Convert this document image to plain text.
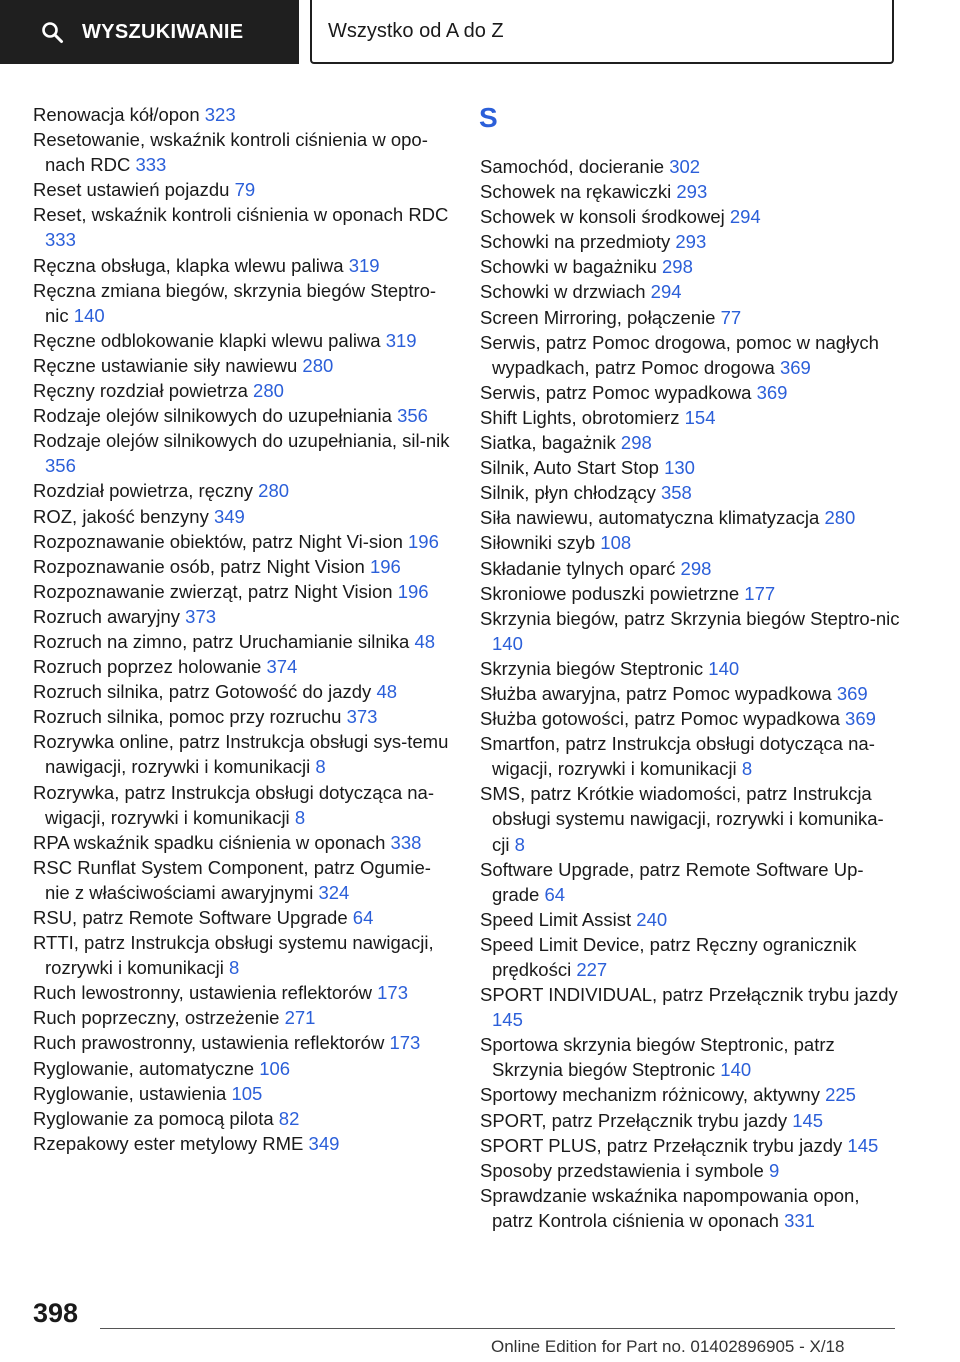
WYSZUKIWANIE	Wszystko od A do Z
Renowacja kół/opon 323
Resetowanie, wskaźnik kontroli ciśnienia w opo-nach RDC 333
Reset ustawień pojazdu 79
Reset, wskaźnik kontroli ciśnienia w oponach RDC 333
Ręczna obsługa, klapka wlewu paliwa 319
Ręczna zmiana biegów, skrzynia biegów Steptro-nic 140
Ręczne odblokowanie klapki wlewu paliwa 319
Ręczne ustawianie siły nawiewu 280
Ręczny rozdział powietrza 280
Rodzaje olejów silnikowych do uzupełniania 356
Rodzaje olejów silnikowych do uzupełniania, sil-nik 356
Rozdział powietrza, ręczny 280
ROZ, jakość benzyny 349
Rozpoznawanie obiektów, patrz Night Vi-sion 196
Rozpoznawanie osób, patrz Night Vision 196
Rozpoznawanie zwierząt, patrz Night Vision 196
Rozruch awaryjny 373
Rozruch na zimno, patrz Uruchamianie silnika 48
Rozruch poprzez holowanie 374
Rozruch silnika, patrz Gotowość do jazdy 48
Rozruch silnika, pomoc przy rozruchu 373
Rozrywka online, patrz Instrukcja obsługi sys-temu nawigacji, rozrywki i komunikacji 8
Rozrywka, patrz Instrukcja obsługi dotycząca na-wigacji, rozrywki i komunikacji 8
RPA wskaźnik spadku ciśnienia w oponach 338
RSC Runflat System Component, patrz Ogumie-nie z właściwościami awaryjnymi 324
RSU, patrz Remote Software Upgrade 64
RTTI, patrz Instrukcja obsługi systemu nawigacji, rozrywki i komunikacji 8
Ruch lewostronny, ustawienia reflektorów 173
Ruch poprzeczny, ostrzeżenie 271
Ruch prawostronny, ustawienia reflektorów 173
Ryglowanie, automatyczne 106
Ryglowanie, ustawienia 105
Ryglowanie za pomocą pilota 82
Rzepakowy ester metylowy RME 349
S
Samochód, docieranie 302
Schowek na rękawiczki 293
Schowek w konsoli środkowej 294
Schowki na przedmioty 293
Schowki w bagażniku 298
Schowki w drzwiach 294
Screen Mirroring, połączenie 77
Serwis, patrz Pomoc drogowa, pomoc w nagłych wypadkach, patrz Pomoc drogowa 369
Serwis, patrz Pomoc wypadkowa 369
Shift Lights, obrotomierz 154
Siatka, bagażnik 298
Silnik, Auto Start Stop 130
Silnik, płyn chłodzący 358
Siła nawiewu, automatyczna klimatyzacja 280
Siłowniki szyb 108
Składanie tylnych oparć 298
Skroniowe poduszki powietrzne 177
Skrzynia biegów, patrz Skrzynia biegów Steptro-nic 140
Skrzynia biegów Steptronic 140
Służba awaryjna, patrz Pomoc wypadkowa 369
Służba gotowości, patrz Pomoc wypadkowa 369
Smartfon, patrz Instrukcja obsługi dotycząca na-wigacji, rozrywki i komunikacji 8
SMS, patrz Krótkie wiadomości, patrz Instrukcja obsługi systemu nawigacji, rozrywki i komunika-cji 8
Software Upgrade, patrz Remote Software Up-grade 64
Speed Limit Assist 240
Speed Limit Device, patrz Ręczny ogranicznik prędkości 227
SPORT INDIVIDUAL, patrz Przełącznik trybu jazdy 145
Sportowa skrzynia biegów Steptronic, patrz Skrzynia biegów Steptronic 140
Sportowy mechanizm różnicowy, aktywny 225
SPORT, patrz Przełącznik trybu jazdy 145
SPORT PLUS, patrz Przełącznik trybu jazdy 145
Sposoby przedstawienia i symbole 9
Sprawdzanie wskaźnika napompowania opon, patrz Kontrola ciśnienia w oponach 331
398
Online Edition for Part no. 01402896905 - X/18
